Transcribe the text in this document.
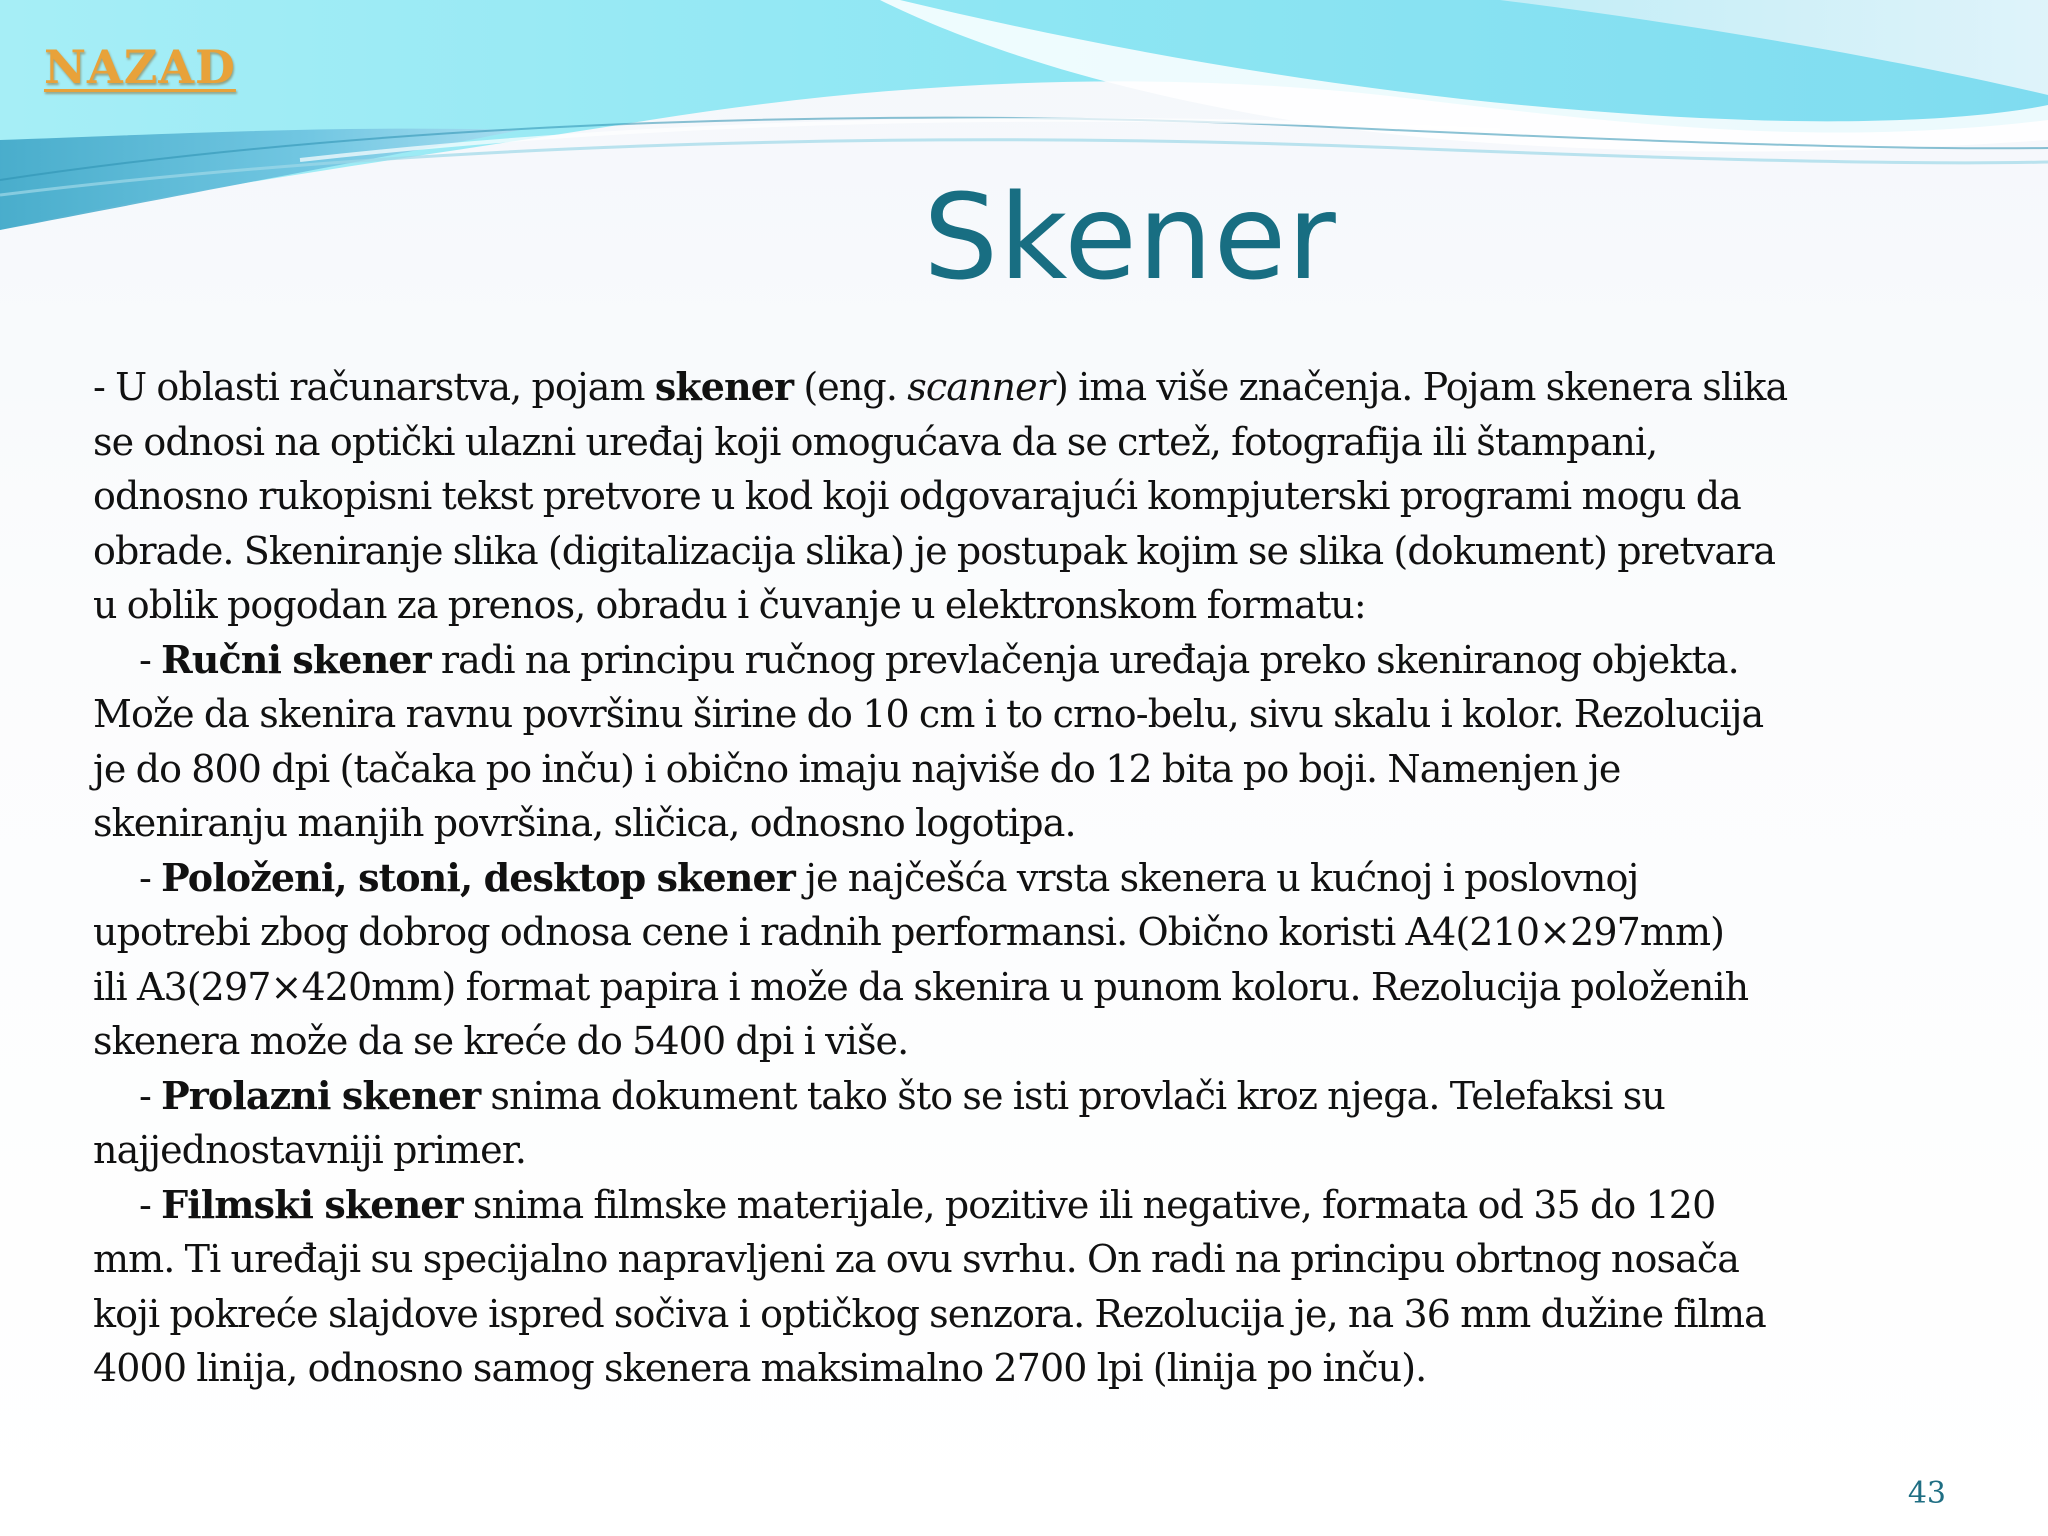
NAZAD
Skener

- U oblasti računarstva, pojam skener (eng. scanner) ima više značenja. Pojam skenera slika

se odnosi na optički ulazni uređaj koji omogućava da se crtež, fotografija ili štampani,

odnosno rukopisni tekst pretvore u kod koji odgovarajući kompjuterski programi mogu da

obrade. Skeniranje slika (digitalizacija slika) je postupak kojim se slika (dokument) pretvara

u oblik pogodan za prenos, obradu i čuvanje u elektronskom formatu:

- Ručni skener radi na principu ručnog prevlačenja uređaja preko skeniranog objekta.

Može da skenira ravnu površinu širine do 10 cm i to crno-belu, sivu skalu i kolor. Rezolucija

je do 800 dpi (tačaka po inču) i obično imaju najviše do 12 bita po boji. Namenjen je

skeniranju manjih površina, sličica, odnosno logotipa.

- Položeni, stoni, desktop skener je najčešća vrsta skenera u kućnoj i poslovnoj

upotrebi zbog dobrog odnosa cene i radnih performansi. Obično koristi A4(210×297mm)

ili A3(297×420mm) format papira i može da skenira u punom koloru. Rezolucija položenih

skenera može da se kreće do 5400 dpi i više.

- Prolazni skener snima dokument tako što se isti provlači kroz njega. Telefaksi su

najjednostavniji primer.

- Filmski skener snima filmske materijale, pozitive ili negative, formata od 35 do 120

mm. Ti uređaji su specijalno napravljeni za ovu svrhu. On radi na principu obrtnog nosača

koji pokreće slajdove ispred sočiva i optičkog senzora. Rezolucija je, na 36 mm dužine filma

4000 linija, odnosno samog skenera maksimalno 2700 lpi (linija po inču).

43
